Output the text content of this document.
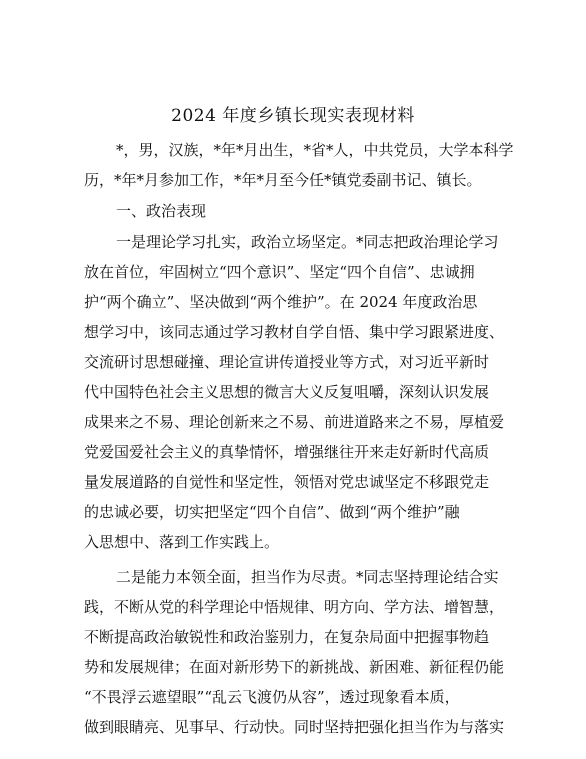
2024 年度乡镇长现实表现材料
*，男，汉族，*年*月出生，*省*人，中共党员，大学本科学
历，*年*月参加工作，*年*月至今任*镇党委副书记、镇长。
一、政治表现
一是理论学习扎实，政治立场坚定。*同志把政治理论学习
放在首位，牢固树立“四个意识”、坚定“四个自信”、忠诚拥
护“两个确立”、坚决做到“两个维护”。在 2024 年度政治思
想学习中，该同志通过学习教材自学自悟、集中学习跟紧进度、
交流研讨思想碰撞、理论宣讲传道授业等方式，对习近平新时
代中国特色社会主义思想的微言大义反复咀嚼，深刻认识发展
成果来之不易、理论创新来之不易、前进道路来之不易，厚植爱
党爱国爱社会主义的真挚情怀，增强继往开来走好新时代高质
量发展道路的自觉性和坚定性，领悟对党忠诚坚定不移跟党走
的忠诚必要，切实把坚定“四个自信”、做到“两个维护”融
入思想中、落到工作实践上。
二是能力本领全面，担当作为尽责。*同志坚持理论结合实
践，不断从党的科学理论中悟规律、明方向、学方法、增智慧，
不断提高政治敏锐性和政治鉴别力，在复杂局面中把握事物趋
势和发展规律；在面对新形势下的新挑战、新困难、新征程仍能
“不畏浮云遮望眼”“乱云飞渡仍从容”，透过现象看本质，
做到眼睛亮、见事早、行动快。同时坚持把强化担当作为与落实
